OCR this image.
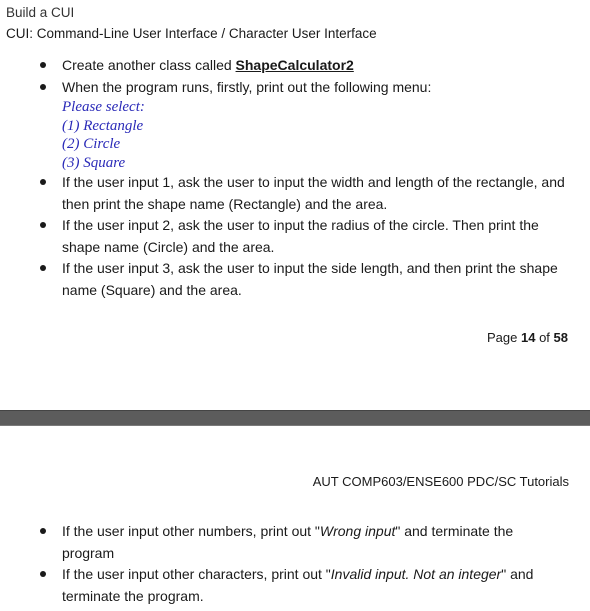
Build a CUI
CUI: Command-Line User Interface / Character User Interface
Create another class called ShapeCalculator2
When the program runs, firstly, print out the following menu:
Please select:
(1) Rectangle
(2) Circle
(3) Square
If the user input 1, ask the user to input the width and length of the rectangle, and then print the shape name (Rectangle) and the area.
If the user input 2, ask the user to input the radius of the circle. Then print the shape name (Circle) and the area.
If the user input 3, ask the user to input the side length, and then print the shape name (Square) and the area.
Page 14 of 58
AUT COMP603/ENSE600 PDC/SC Tutorials
If the user input other numbers, print out "Wrong input" and terminate the program
If the user input other characters, print out "Invalid input. Not an integer" and terminate the program.
